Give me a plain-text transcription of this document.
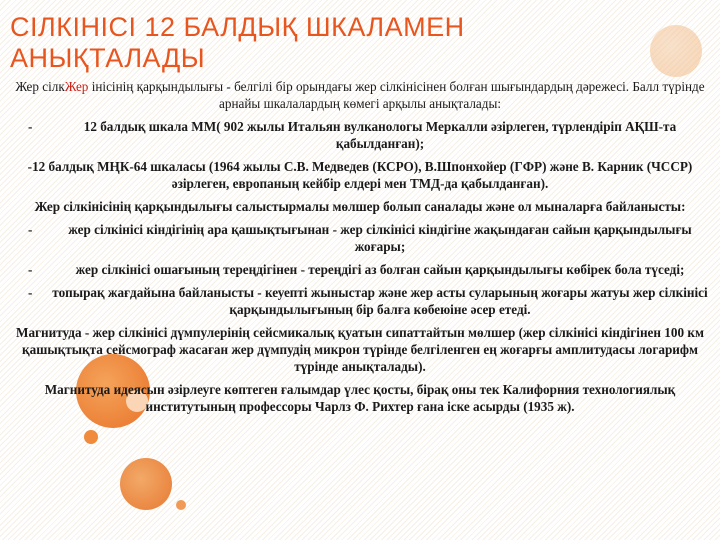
СІЛКІНІСІ 12 БАЛДЫҚ ШКАЛАМЕН АНЫҚТАЛАДЫ

Жер сілкЖер інісінің қарқындылығы - белгілі бір орындағы жер сілкінісінен болған шығындардың дәрежесі. Балл түрінде арнайы шкалалардың көмегі арқылы анықталады:

-	12 балдық шкала ММ( 902 жылы Итальян вулканологы Меркалли әзірлеген, түрлендіріп АҚШ-та қабылданған);

-12 балдық МҢК-64 шкаласы (1964 жылы С.В. Медведев (КСРО), В.Шпонхойер (ГФР) және В. Карник (ЧССР) әзірлеген, европаның кейбір елдері мен ТМД-да қабылданған).

Жер сілкінісінің қарқындылығы салыстырмалы мөлшер болып саналады және ол мыналарға байланысты:

-	жер сілкінісі кіндігінің ара қашықтығынан - жер сілкінісі кіндігіне жақындаған сайын қарқындылығы жоғары;
-	жер сілкінісі ошағының тереңдігінен - тереңдігі аз болған сайын қарқындылығы көбірек бола түседі;
-	топырақ жағдайына байланысты - кеуепті жыныстар және жер асты суларының жоғары жатуы жер сілкінісі қарқындылығының бір балға көбеюіне әсер етеді.

Магнитуда - жер сілкінісі дүмпулерінің сейсмикалық қуатын сипаттайтын мөлшер (жер сілкінісі кіндігінен 100 км қашықтықта сейсмограф жасаған жер дүмпудің микрон түрінде белгіленген ең жоғарғы амплитудасы логарифм түрінде анықталады).

Магнитуда идеясын әзірлеуге көптеген ғалымдар үлес қосты, бірақ оны тек Калифорния технологиялық институтының профессоры Чарлз Ф. Рихтер ғана іске асырды (1935 ж).
